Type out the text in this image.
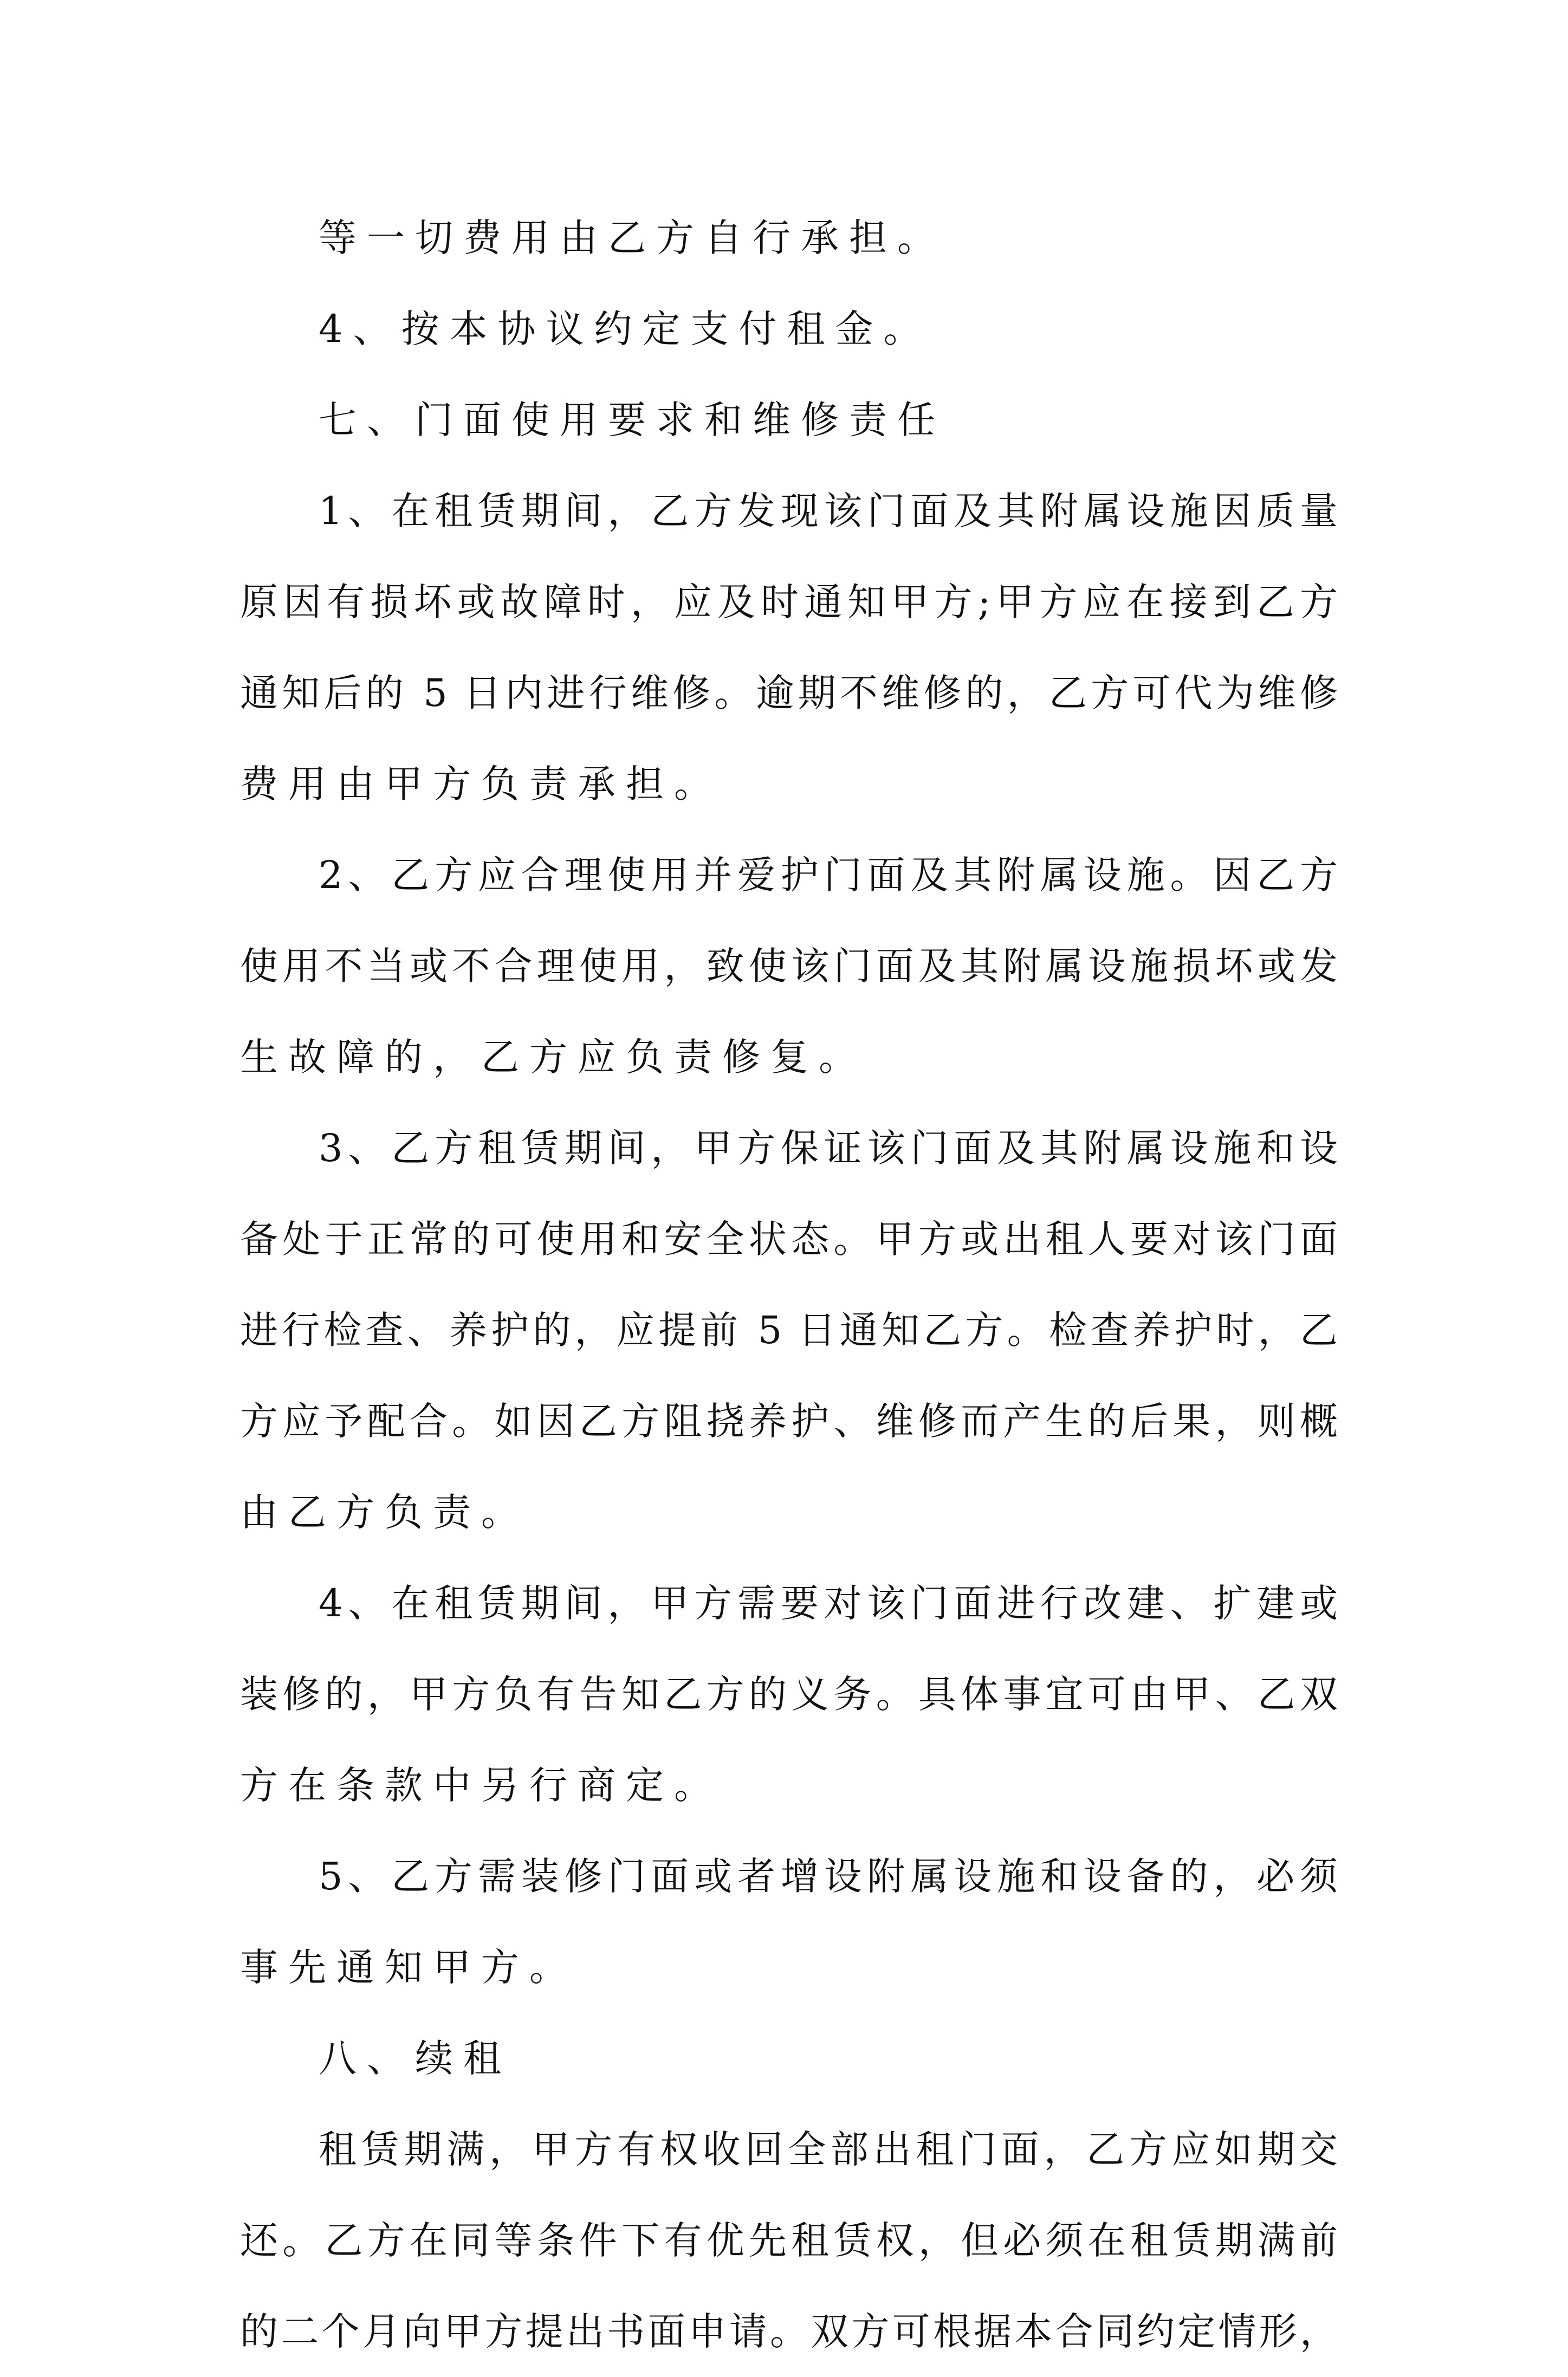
等一切费用由乙方自行承担。
4、按本协议约定支付租金。
七、门面使用要求和维修责任
1、在租赁期间，乙方发现该门面及其附属设施因质量
原因有损坏或故障时，应及时通知甲方;甲方应在接到乙方
通知后的 5 日内进行维修。逾期不维修的，乙方可代为维修
费用由甲方负责承担。
2、乙方应合理使用并爱护门面及其附属设施。因乙方
使用不当或不合理使用，致使该门面及其附属设施损坏或发
生故障的，乙方应负责修复。
3、乙方租赁期间，甲方保证该门面及其附属设施和设
备处于正常的可使用和安全状态。甲方或出租人要对该门面
进行检查、养护的，应提前 5 日通知乙方。检查养护时，乙
方应予配合。如因乙方阻挠养护、维修而产生的后果，则概
由乙方负责。
4、在租赁期间，甲方需要对该门面进行改建、扩建或
装修的，甲方负有告知乙方的义务。具体事宜可由甲、乙双
方在条款中另行商定。
5、乙方需装修门面或者增设附属设施和设备的，必须
事先通知甲方。
八、续租
租赁期满，甲方有权收回全部出租门面，乙方应如期交
还。乙方在同等条件下有优先租赁权，但必须在租赁期满前
的二个月向甲方提出书面申请。双方可根据本合同约定情形，
